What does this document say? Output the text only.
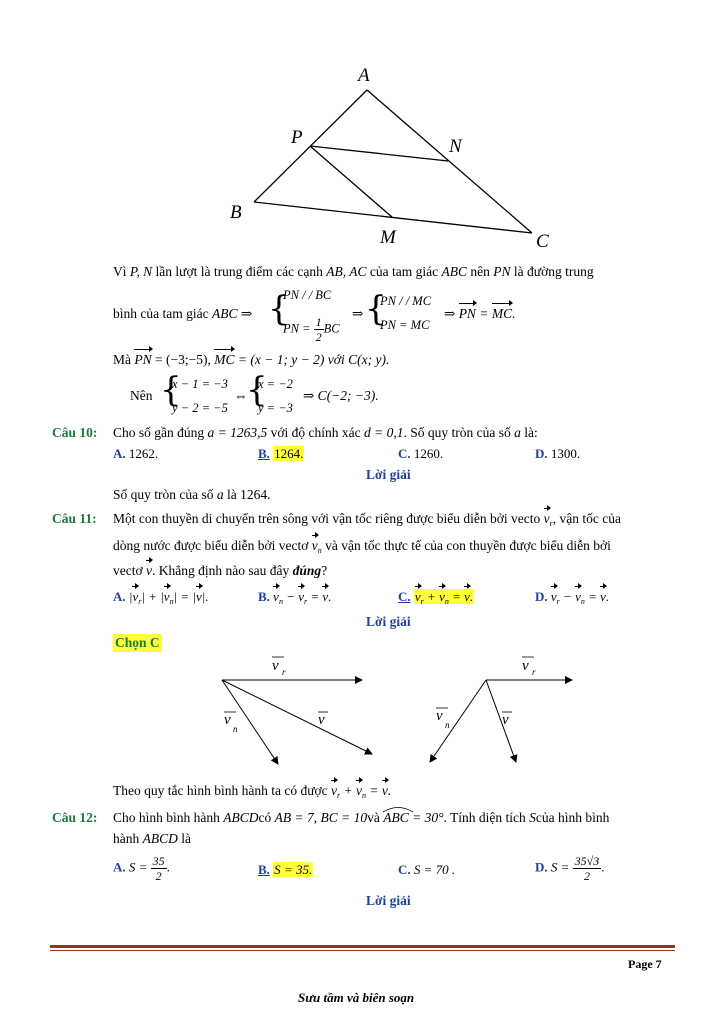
A
P	N
B
M	C
Vì P, N lần lượt là trung điểm các cạnh AB, AC của tam giác ABC nên PN là đường trung
bình của tam giác ABC ⇒ {
PN / / BC
PN = $\frac{1}{2}$ BC
⇒ {
PN / / MC
PN = MC
⇒ PN = MC.
Mà PN = (−3;−5), MC = (x − 1; y − 2) với C(x; y).
Nên {
x − 1 = −3
y − 2 = −5
⇔
{
x = −2
y = −3
⇒ C(−2; −3).
Câu 10: Cho số gần đúng a = 1263,5 với độ chính xác d = 0,1. Số quy tròn của số a là:
A. 1262.	B. 1264.	C. 1260.	D. 1300.
Lời giải
Số quy tròn của số a là 1264.
Câu 11: Một con thuyền di chuyển trên sông với vận tốc riêng được biểu diễn bởi vecto $v_r$, vận tốc của
dòng nước được biểu diễn bởi vectơ $v_n$ và vận tốc thực tế của con thuyền được biểu diễn bởi
vectơ v. Khẳng định nào sau đây đúng?
A. $|v_r| + |v_n| = |v|$.	B. $v_n - v_r = v$.	C. $v_r + v_n = v$.	D. $v_r - v_n = v$.
Lời giải
Chọn C
v r
v
n
v
v r
v
n	v
Theo quy tắc hình bình hành ta có được $v_r + v_n = v$.
Câu 12: Cho hình bình hành ABCDcó AB = 7, BC = 10và ABC
= 30°. Tính diện tích Scủa hình bình
hành ABCD là
A. $S = \frac{35}{2}$ .	B. S = 35.	C. S = 70 .	D. $S = \frac{35√3}{2}$ .
Lời giải
Page 7
Sưu tầm và biên soạn
